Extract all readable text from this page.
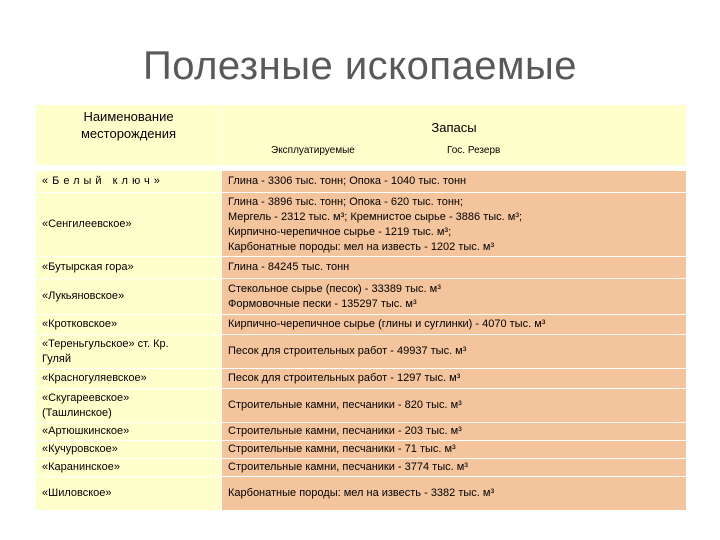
Полезные ископаемые
Наименование месторождения	Запасы
Эксплуатируемые Гос. Резерв

«Белый ключ»	Глина - 3306 тыс. тонн; Опока - 1040 тыс. тонн

«Сенгилеевское»	Глина - 3896 тыс. тонн; Опока - 620 тыс. тонн;
Мергель - 2312 тыс. м³; Кремнистое сырье - 3886 тыс. м³;
Кирпично-черепичное сырье - 1219 тыс. м³;
Карбонатные породы: мел на известь - 1202 тыс. м³

«Бутырская гора»	Глина - 84245 тыс. тонн

«Лукьяновское»	Стекольное сырье (песок) - 33389 тыс. м³
Формовочные пески - 135297 тыс. м³

«Кротковское»	Кирпично-черепичное сырье (глины и суглинки) - 4070 тыс. м³

«Тереньгульское» ст. Кр. Гуляй	Песок для строительных работ - 49937 тыс. м³

«Красногуляевское»	Песок для строительных работ - 1297 тыс. м³

«Скугареевское» (Ташлинское)	Строительные камни, песчаники - 820 тыс. м³

«Артюшкинское»	Строительные камни, песчаники - 203 тыс. м³

«Кучуровское»	Строительные камни, песчаники - 71 тыс. м³

«Каранинское»	Строительные камни, песчаники - 3774 тыс. м³

«Шиловское»	Карбонатные породы: мел на известь - 3382 тыс. м³
